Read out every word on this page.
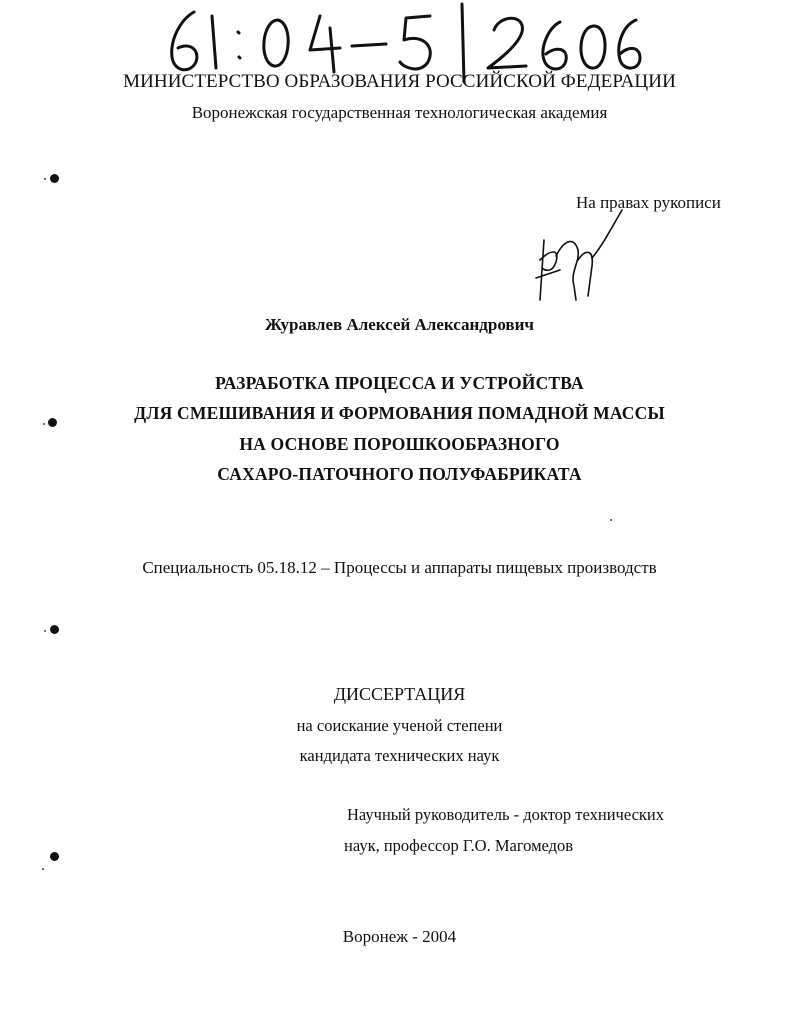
МИНИСТЕРСТВО ОБРАЗОВАНИЯ РОССИЙСКОЙ ФЕДЕРАЦИИ
Воронежская государственная технологическая академия
На правах рукописи
Журавлев Алексей Александрович
РАЗРАБОТКА ПРОЦЕССА И УСТРОЙСТВА
ДЛЯ СМЕШИВАНИЯ И ФОРМОВАНИЯ ПОМАДНОЙ МАССЫ
НА ОСНОВЕ ПОРОШКООБРАЗНОГО
САХАРО-ПАТОЧНОГО ПОЛУФАБРИКАТА
Специальность 05.18.12 – Процессы и аппараты пищевых производств
ДИССЕРТАЦИЯ
на соискание ученой степени
кандидата технических наук
Научный руководитель - доктор технических
наук, профессор Г.О. Магомедов
Воронеж - 2004
